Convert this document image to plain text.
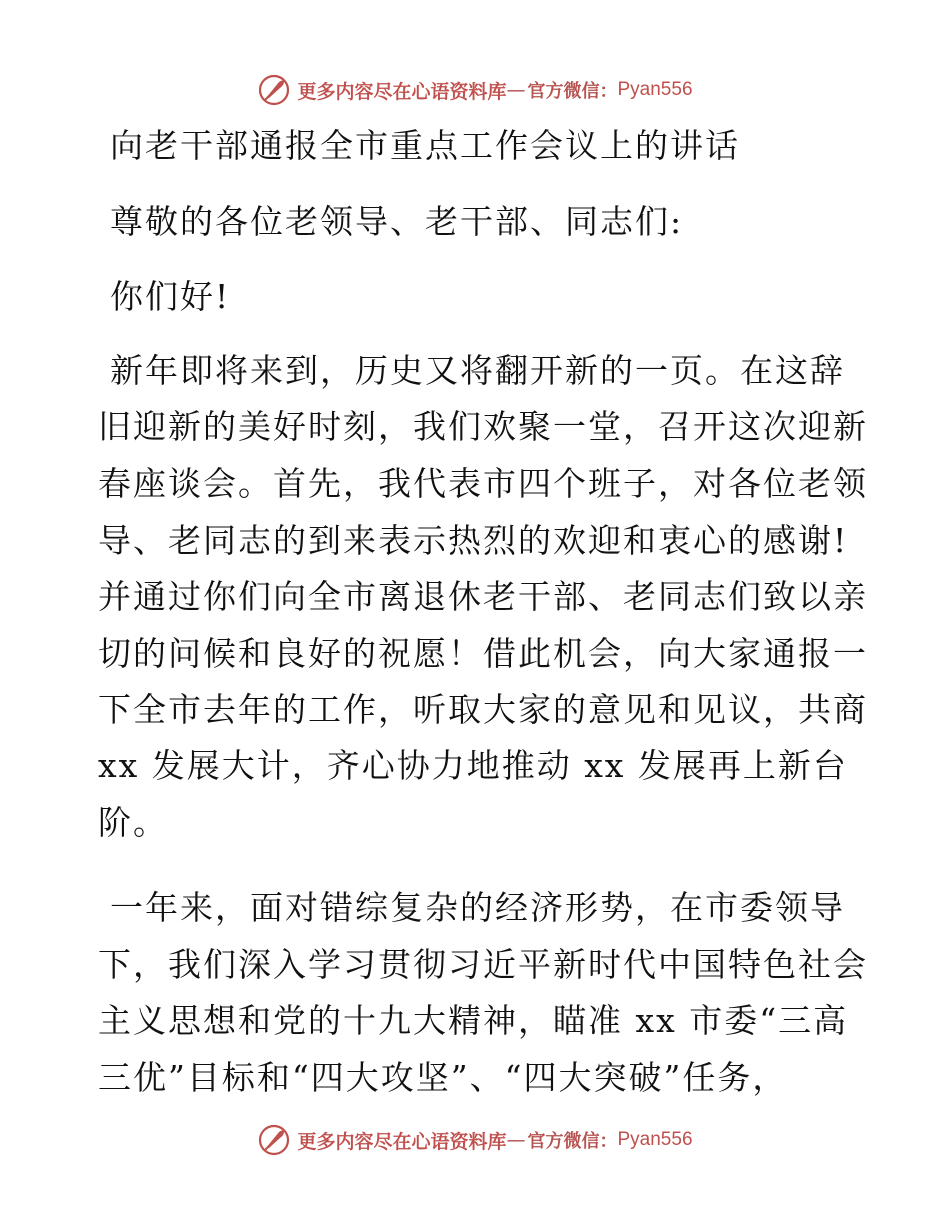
更多内容尽在心语资料库 — 官方微信： Pyan556
向老干部通报全市重点工作会议上的讲话
尊敬的各位老领导、老干部、同志们:
你们好!
新年即将来到，历史又将翻开新的一页。在这辞
旧迎新的美好时刻，我们欢聚一堂，召开这次迎新
春座谈会。首先，我代表市四个班子，对各位老领
导、老同志的到来表示热烈的欢迎和衷心的感谢!
并通过你们向全市离退休老干部、老同志们致以亲
切的问候和良好的祝愿！借此机会，向大家通报一
下全市去年的工作，听取大家的意见和见议，共商
xx 发展大计，齐心协力地推动 xx 发展再上新台
阶。
一年来，面对错综复杂的经济形势，在市委领导
下，我们深入学习贯彻习近平新时代中国特色社会
主义思想和党的十九大精神，瞄准 xx 市委“三高
三优”目标和“四大攻坚”、“四大突破”任务，
更多内容尽在心语资料库 — 官方微信： Pyan556
